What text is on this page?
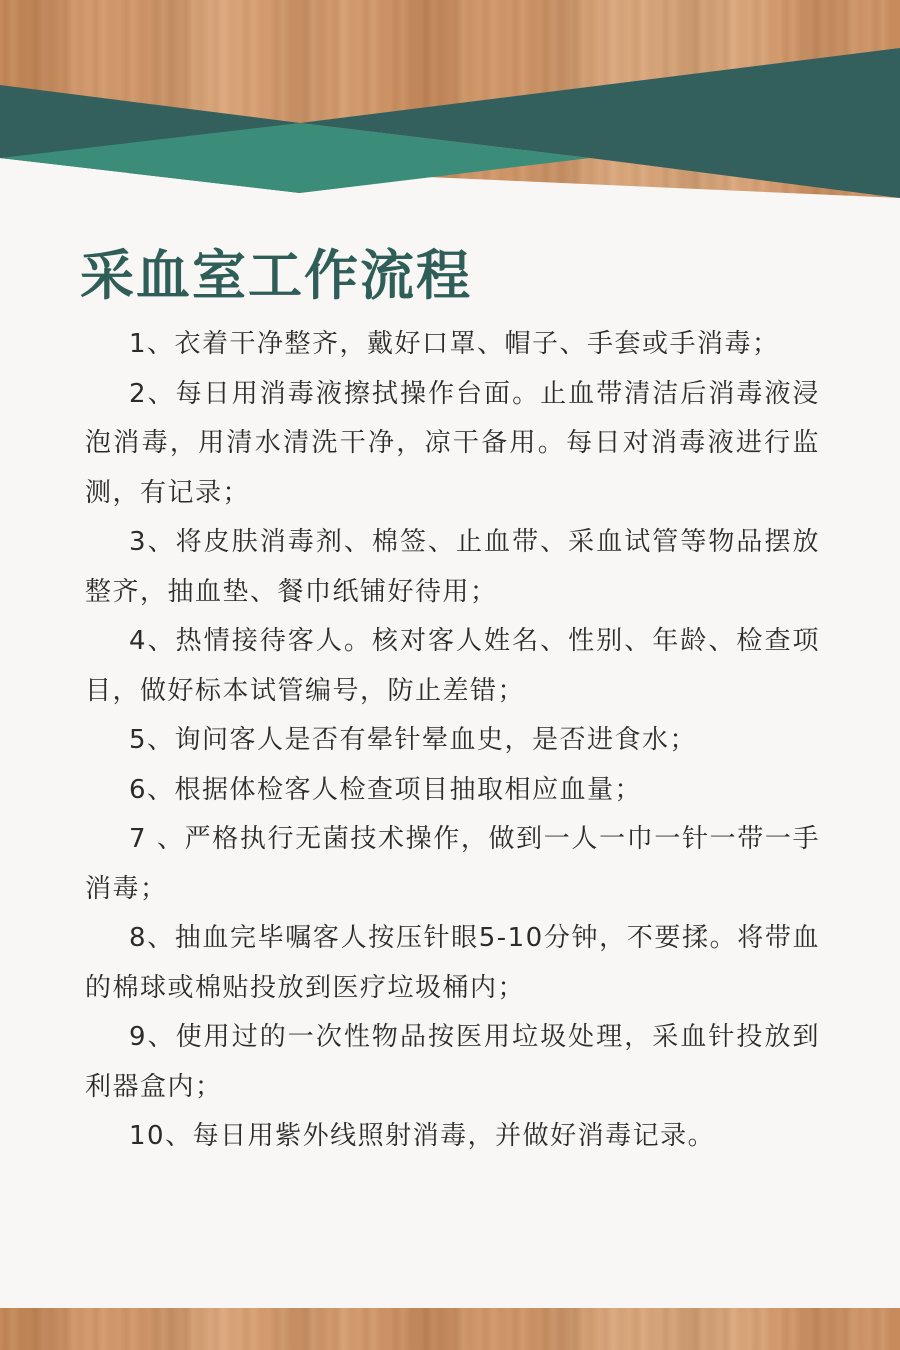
采血室工作流程

1、衣着干净整齐，戴好口罩、帽子、手套或手消毒；

2、每日用消毒液擦拭操作台面。止血带清洁后消毒液浸泡消毒，用清水清洗干净，凉干备用。每日对消毒液进行监测，有记录；

3、将皮肤消毒剂、棉签、止血带、采血试管等物品摆放整齐，抽血垫、餐巾纸铺好待用；

4、热情接待客人。核对客人姓名、性别、年龄、检查项目，做好标本试管编号，防止差错；

5、询问客人是否有晕针晕血史，是否进食水；

6、根据体检客人检查项目抽取相应血量；

7 、严格执行无菌技术操作，做到一人一巾一针一带一手消毒；

8、抽血完毕嘱客人按压针眼5-10分钟，不要揉。将带血的棉球或棉贴投放到医疗垃圾桶内；

9、使用过的一次性物品按医用垃圾处理，采血针投放到利器盒内；

10、每日用紫外线照射消毒，并做好消毒记录。
